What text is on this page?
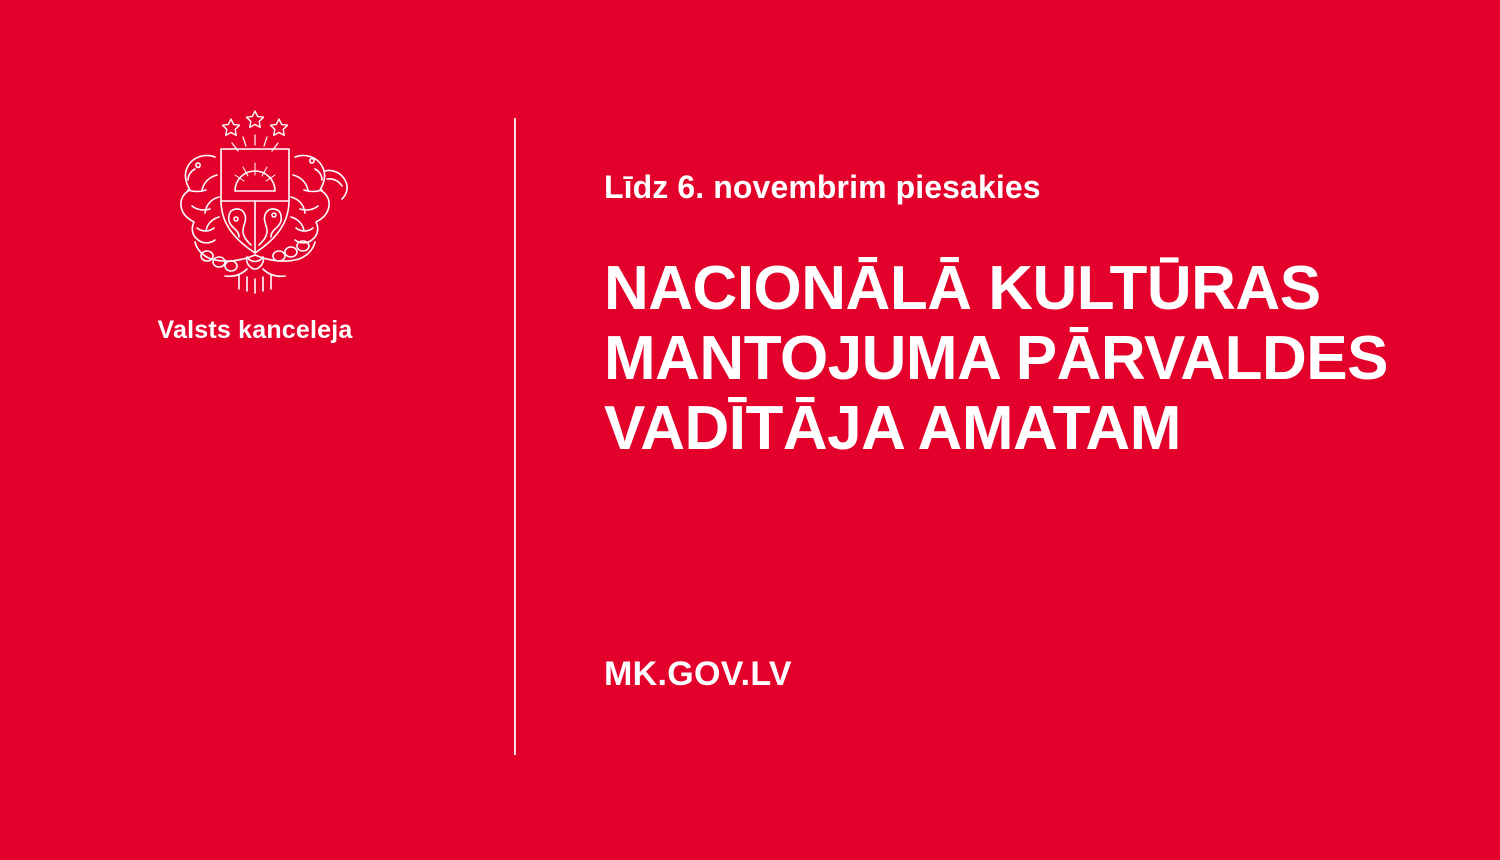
Valsts kanceleja

Līdz 6. novembrim piesakies

NACIONĀLĀ KULTŪRAS MANTOJUMA PĀRVALDES VADĪTĀJA AMATAM
MK.GOV.LV
